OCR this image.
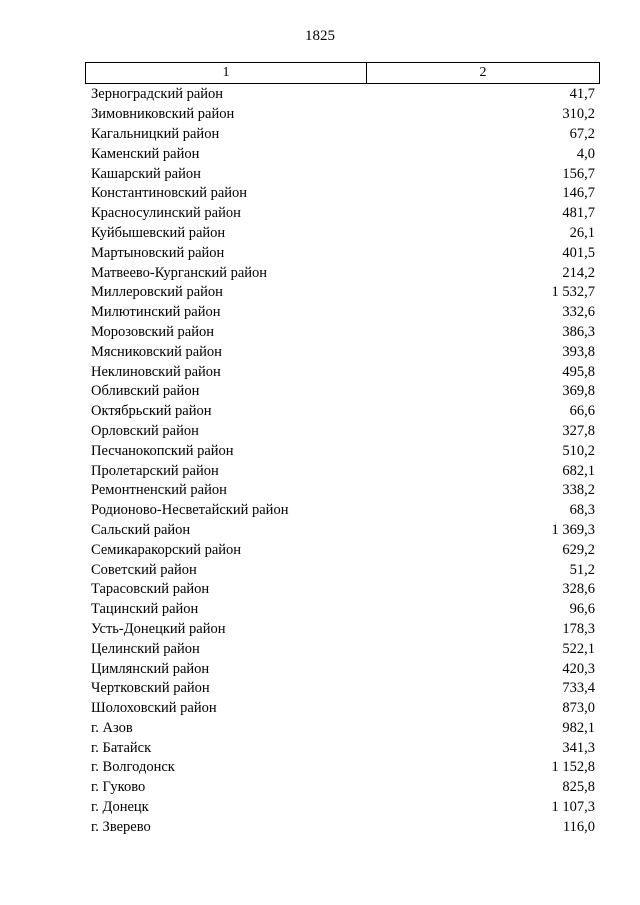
1825
1	2
Зерноградский район	41,7
Зимовниковский район	310,2
Кагальницкий район	67,2
Каменский район	4,0
Кашарский район	156,7
Константиновский район	146,7
Красносулинский район	481,7
Куйбышевский район	26,1
Мартыновский район	401,5
Матвеево-Курганский район	214,2
Миллеровский район	1 532,7
Милютинский район	332,6
Морозовский район	386,3
Мясниковский район	393,8
Неклиновский район	495,8
Обливский район	369,8
Октябрьский район	66,6
Орловский район	327,8
Песчанокопский район	510,2
Пролетарский район	682,1
Ремонтненский район	338,2
Родионово-Несветайский район	68,3
Сальский район	1 369,3
Семикаракорский район	629,2
Советский район	51,2
Тарасовский район	328,6
Тацинский район	96,6
Усть-Донецкий район	178,3
Целинский район	522,1
Цимлянский район	420,3
Чертковский район	733,4
Шолоховский район	873,0
г. Азов	982,1
г. Батайск	341,3
г. Волгодонск	1 152,8
г. Гуково	825,8
г. Донецк	1 107,3
г. Зверево	116,0
